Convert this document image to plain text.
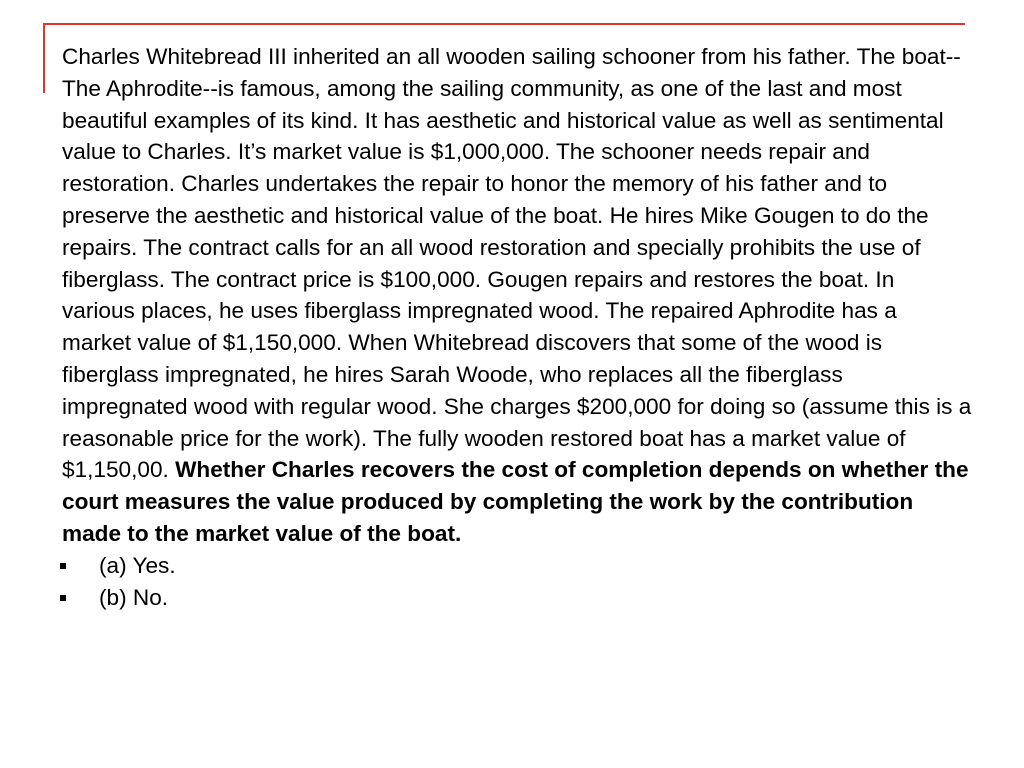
Charles Whitebread III inherited an all wooden sailing schooner from his father. The boat--The Aphrodite--is famous, among the sailing community, as one of the last and most beautiful examples of its kind. It has aesthetic and historical value as well as sentimental value to Charles. It’s market value is $1,000,000. The schooner needs repair and restoration. Charles undertakes the repair to honor the memory of his father and to preserve the aesthetic and historical value of the boat. He hires Mike Gougen to do the repairs. The contract calls for an all wood restoration and specially prohibits the use of fiberglass. The contract price is $100,000. Gougen repairs and restores the boat. In various places, he uses fiberglass impregnated wood. The repaired Aphrodite has a market value of $1,150,000. When Whitebread discovers that some of the wood is fiberglass impregnated, he hires Sarah Woode, who replaces all the fiberglass impregnated wood with regular wood. She charges $200,000 for doing so (assume this is a reasonable price for the work). The fully wooden restored boat has a market value of $1,150,00. Whether Charles recovers the cost of completion depends on whether the court measures the value produced by completing the work by the contribution made to the market value of the boat.

(a) Yes.
(b) No.
